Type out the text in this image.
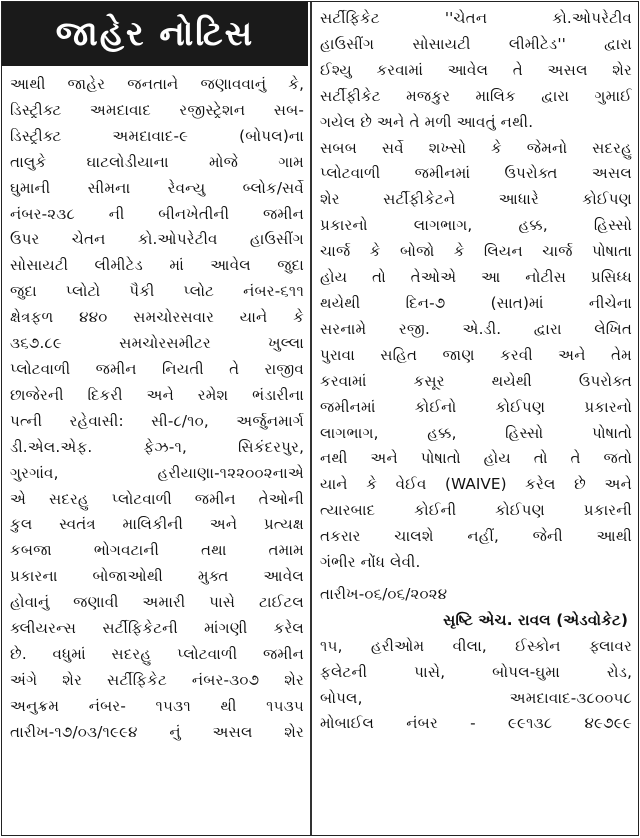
જાહેર નોટિસ
આથી જાહેર જનતાને જણાવવાનું કે,
ડિસ્ટ્રીક્ટ અમદાવાદ રજીસ્ટ્રેશન સબ-
ડિસ્ટ્રીક્ટ અમદાવાદ-૯ (બોપલ)ના
તાલુકે ઘાટલોડીયાના મોજે ગામ
ઘુમાની સીમના રેવન્યુ બ્લોક/સર્વે
નંબર-૨૩૮ ની બીનખેતીની જમીન
ઉપર ચેતન કો.ઓપરેટીવ હાઉસીંગ
સોસાયટી લીમીટેડ માં આવેલ જુદા
જુદા પ્લોટો પૈકી પ્લોટ નંબર-૬૧૧
ક્ષેત્રફળ ૪૪૦ સમચોરસવાર યાને કે
૩૬૭.૮૯ સમચોરસમીટર ખુલ્લા
પ્લોટવાળી જમીન નિયતી તે રાજીવ
છાજેરની દિકરી અને રમેશ ભંડારીના
પત્ની રહેવાસી: સી-૮/૧૦, અર્જુનમાર્ગ
ડી.એલ.એફ. ફેઝ-૧, સિકંદરપુર,
ગુરગાંવ, હરીયાણા-૧૨૨૦૦૨નાએ
એ સદરહુ પ્લોટવાળી જમીન તેઓની
કુલ સ્વતંત્ર માલિકીની અને પ્રત્યક્ષ
કબજા ભોગવટાની તથા તમામ
પ્રકારના બોજાઓથી મુક્ત આવેલ
હોવાનું જણાવી અમારી પાસે ટાઈટલ
ક્લીયરન્સ સર્ટીફિકેટની માંગણી કરેલ
છે. વધુમાં સદરહુ પ્લોટવાળી જમીન
અંગે શેર સર્ટીફિકેટ નંબર-૩૦૭ શેર
અનુક્રમ નંબર- ૧૫૩૧ થી ૧૫૩૫
તારીખ-૧૭/૦૩/૧૯૯૪ નું અસલ શેર
સર્ટીફિકેટ ''ચેતન કો.ઓપરેટીવ
હાઉસીંગ સોસાયટી લીમીટેડ'' દ્વારા
ઈશ્યુ કરવામાં આવેલ તે અસલ શેર
સર્ટીફીકેટ મજકુર માલિક દ્વારા ગુમાઈ
ગયેલ છે અને તે મળી આવતું નથી.
સબબ સર્વે શખ્સો કે જેમનો સદરહુ
પ્લોટવાળી જમીનમાં ઉપરોક્ત અસલ
શેર સર્ટીફીકેટને આધારે કોઈપણ
પ્રકારનો લાગભાગ, હક્ક, હિસ્સો
ચાર્જ કે બોજો કે લિયન ચાર્જ પોષાતા
હોય તો તેઓએ આ નોટીસ પ્રસિધ્ધ
થયેથી દિન-૭ (સાત)માં નીચેના
સરનામે રજી. એ.ડી. દ્વારા લેખિત
પુરાવા સહિત જાણ કરવી અને તેમ
કરવામાં કસૂર થયેથી ઉપરોક્ત
જમીનમાં કોઈનો કોઈપણ પ્રકારનો
લાગભાગ, હક્ક, હિસ્સો પોષાતો
નથી અને પોષાતો હોય તો તે જતો
યાને કે વેઈવ (WAIVE) કરેલ છે અને
ત્યારબાદ કોઈની કોઈપણ પ્રકારની
તકરાર ચાલશે નહીં, જેની આથી
ગંભીર નોંધ લેવી.
તારીખ-૦૬/૦૬/૨૦૨૪
સૃષ્ટિ એચ. રાવલ (એડવોકેટ)
૧૫, હરીઓમ વીલા, ઈસ્કોન ફ્લાવર
ફલેટની પાસે, બોપલ-ઘુમા રોડ,
બોપલ, અમદાવાદ-૩૮૦૦૫૮
મોબાઈલ નંબર - ૯૯૧૩૮ ૪૯૭૯૯
